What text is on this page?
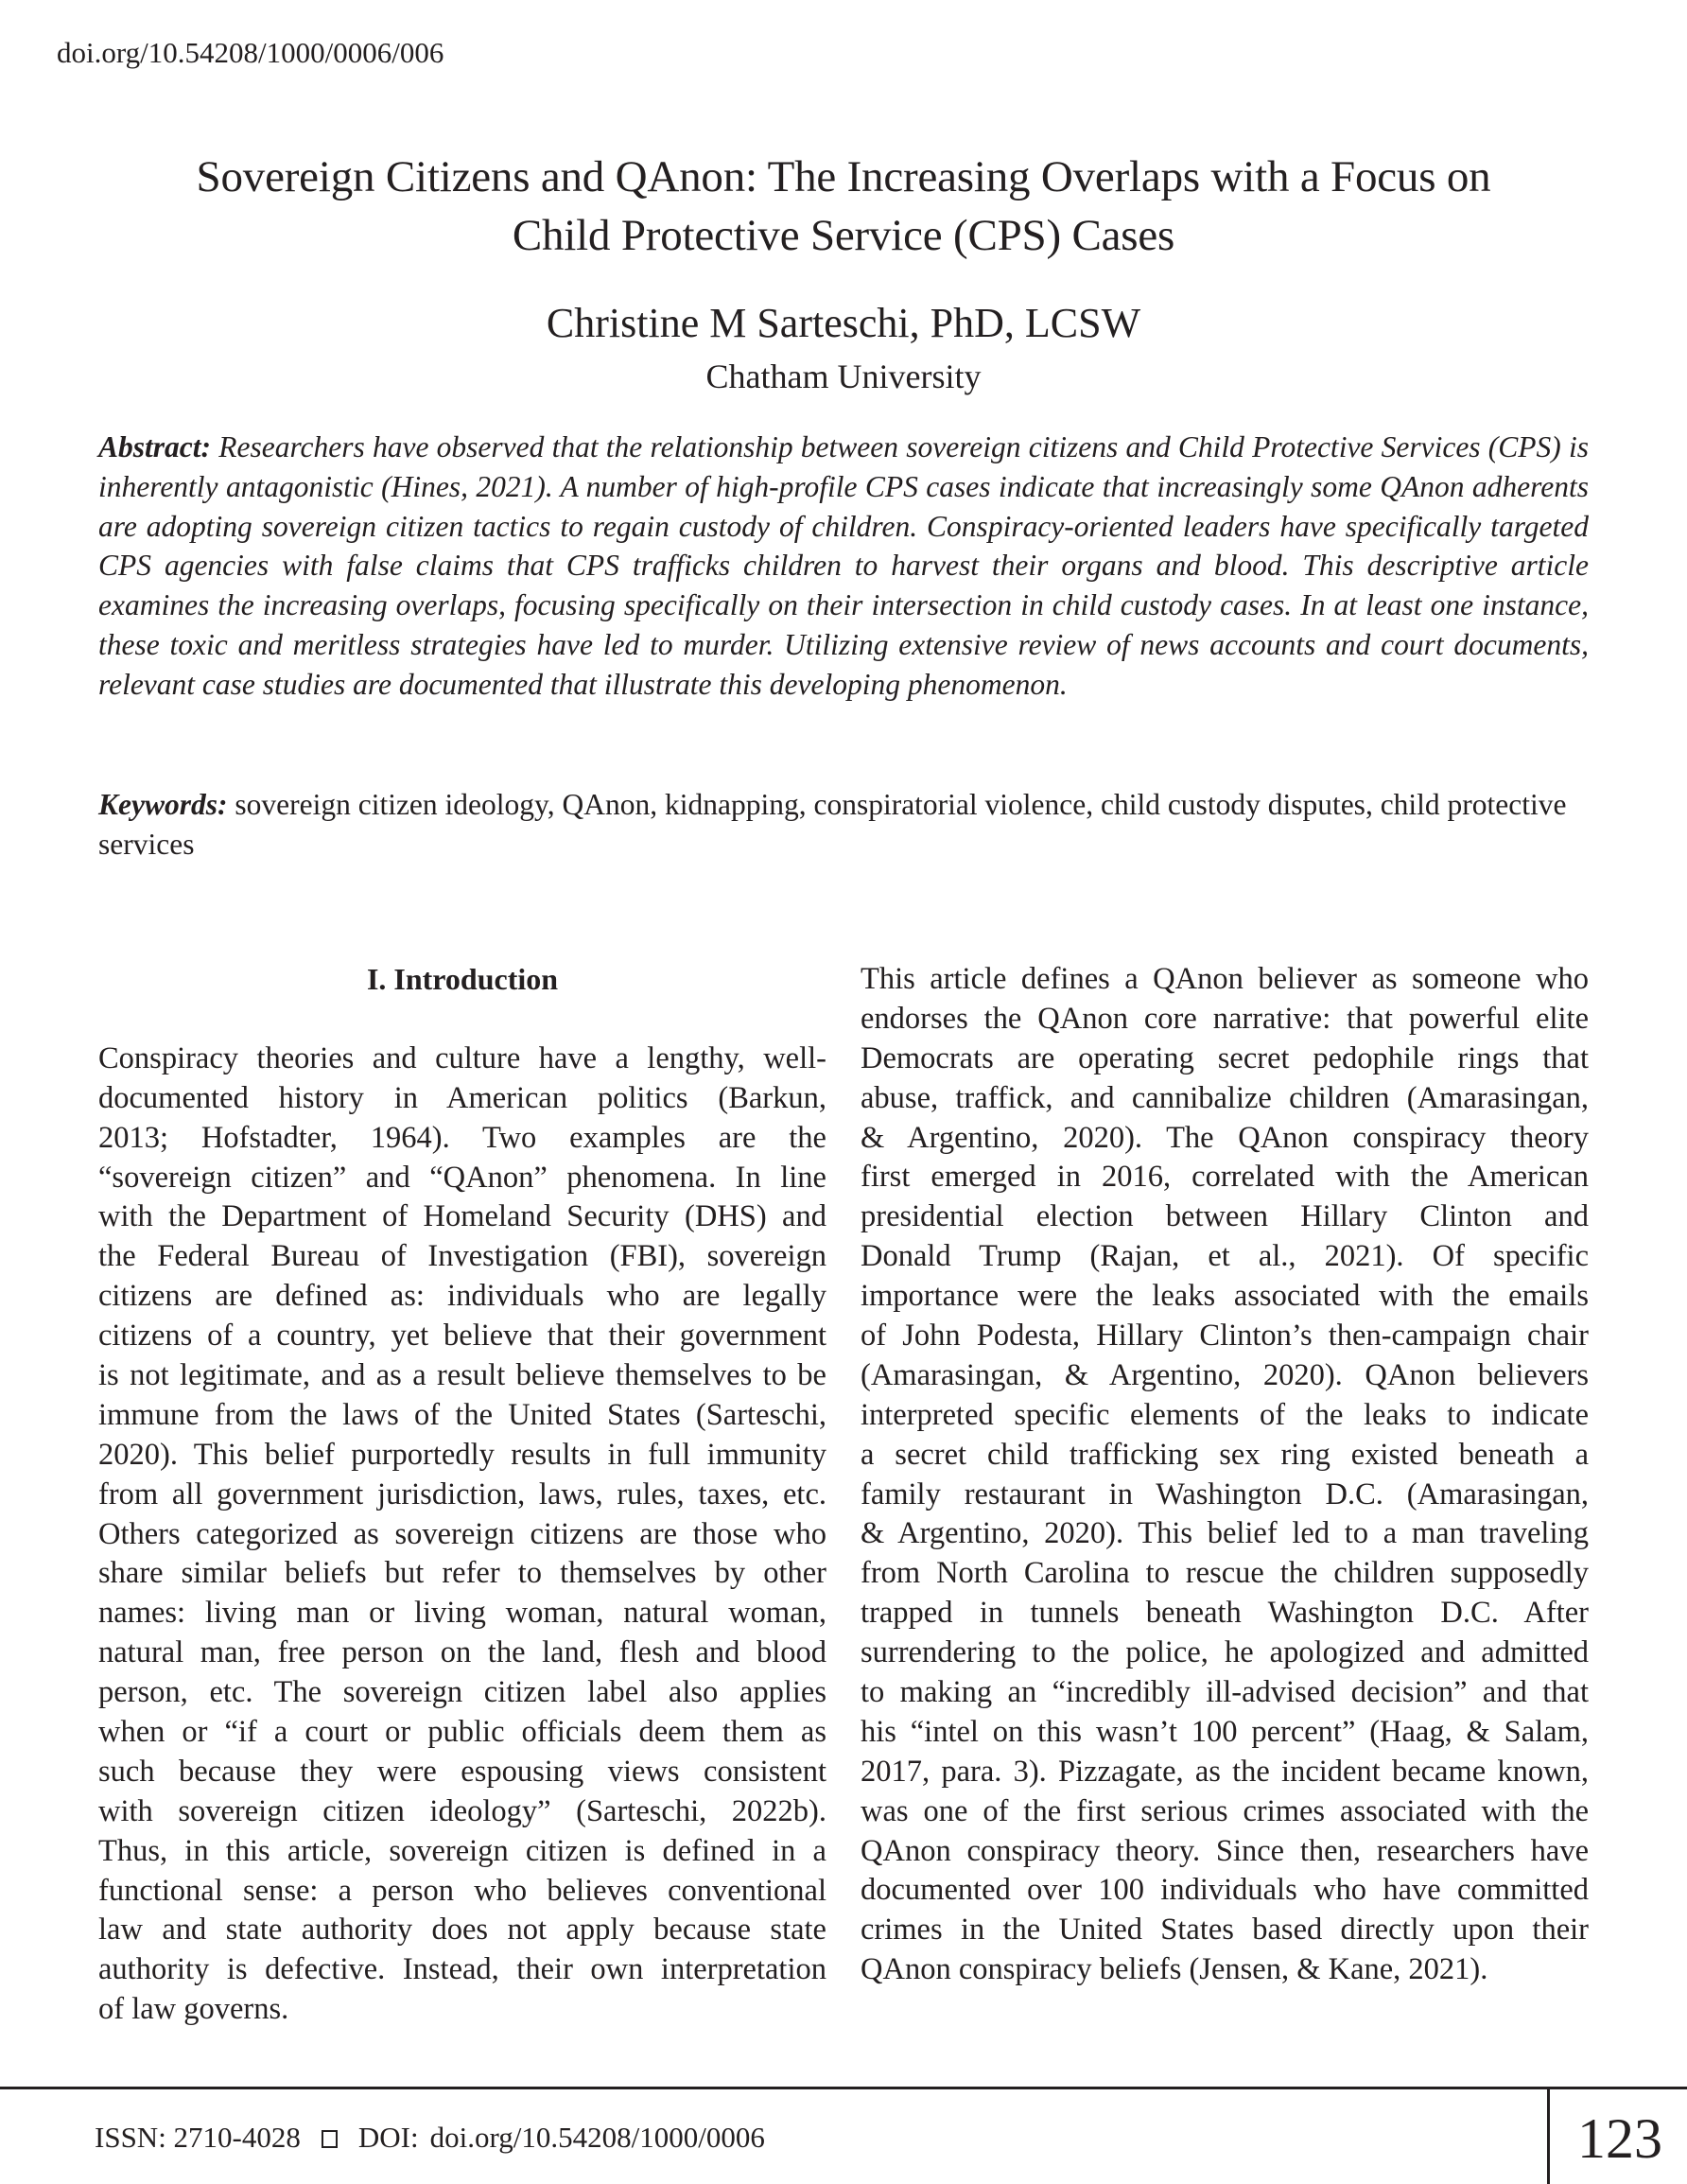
doi.org/10.54208/1000/0006/006
Sovereign Citizens and QAnon: The Increasing Overlaps with a Focus on
Child Protective Service (CPS) Cases
Christine M Sarteschi, PhD, LCSW
Chatham University
Abstract: Researchers have observed that the relationship between sovereign citizens and Child Protective Services (CPS) is inherently antagonistic (Hines, 2021). A number of high-profile CPS cases indicate that increasingly some QAnon adherents are adopting sovereign citizen tactics to regain custody of children. Conspiracy-oriented leaders have specifically targeted CPS agencies with false claims that CPS trafficks children to harvest their organs and blood. This descriptive article examines the increasing overlaps, focusing specifically on their intersection in child custody cases. In at least one instance, these toxic and meritless strategies have led to murder. Utilizing extensive review of news accounts and court documents, relevant case studies are documented that illustrate this developing phenomenon.
Keywords: sovereign citizen ideology, QAnon, kidnapping, conspiratorial violence, child custody disputes, child protective services
I. Introduction
Conspiracy theories and culture have a lengthy, well-
documented history in American politics (Barkun,
2013; Hofstadter, 1964). Two examples are the
“sovereign citizen” and “QAnon” phenomena. In line
with the Department of Homeland Security (DHS) and
the Federal Bureau of Investigation (FBI), sovereign
citizens are defined as: individuals who are legally
citizens of a country, yet believe that their government
is not legitimate, and as a result believe themselves to be
immune from the laws of the United States (Sarteschi,
2020). This belief purportedly results in full immunity
from all government jurisdiction, laws, rules, taxes, etc.
Others categorized as sovereign citizens are those who
share similar beliefs but refer to themselves by other
names: living man or living woman, natural woman,
natural man, free person on the land, flesh and blood
person, etc. The sovereign citizen label also applies
when or “if a court or public officials deem them as
such because they were espousing views consistent
with sovereign citizen ideology” (Sarteschi, 2022b).
Thus, in this article, sovereign citizen is defined in a
functional sense: a person who believes conventional
law and state authority does not apply because state
authority is defective. Instead, their own interpretation
of law governs.
This article defines a QAnon believer as someone who
endorses the QAnon core narrative: that powerful elite
Democrats are operating secret pedophile rings that
abuse, traffick, and cannibalize children (Amarasingan,
& Argentino, 2020). The QAnon conspiracy theory
first emerged in 2016, correlated with the American
presidential election between Hillary Clinton and
Donald Trump (Rajan, et al., 2021). Of specific
importance were the leaks associated with the emails
of John Podesta, Hillary Clinton’s then-campaign chair
(Amarasingan, & Argentino, 2020). QAnon believers
interpreted specific elements of the leaks to indicate
a secret child trafficking sex ring existed beneath a
family restaurant in Washington D.C. (Amarasingan,
& Argentino, 2020). This belief led to a man traveling
from North Carolina to rescue the children supposedly
trapped in tunnels beneath Washington D.C. After
surrendering to the police, he apologized and admitted
to making an “incredibly ill-advised decision” and that
his “intel on this wasn’t 100 percent” (Haag, & Salam,
2017, para. 3). Pizzagate, as the incident became known,
was one of the first serious crimes associated with the
QAnon conspiracy theory. Since then, researchers have
documented over 100 individuals who have committed
crimes in the United States based directly upon their
QAnon conspiracy beliefs (Jensen, & Kane, 2021).
ISSN: 2710-4028 DOI: doi.org/10.54208/1000/0006	123
